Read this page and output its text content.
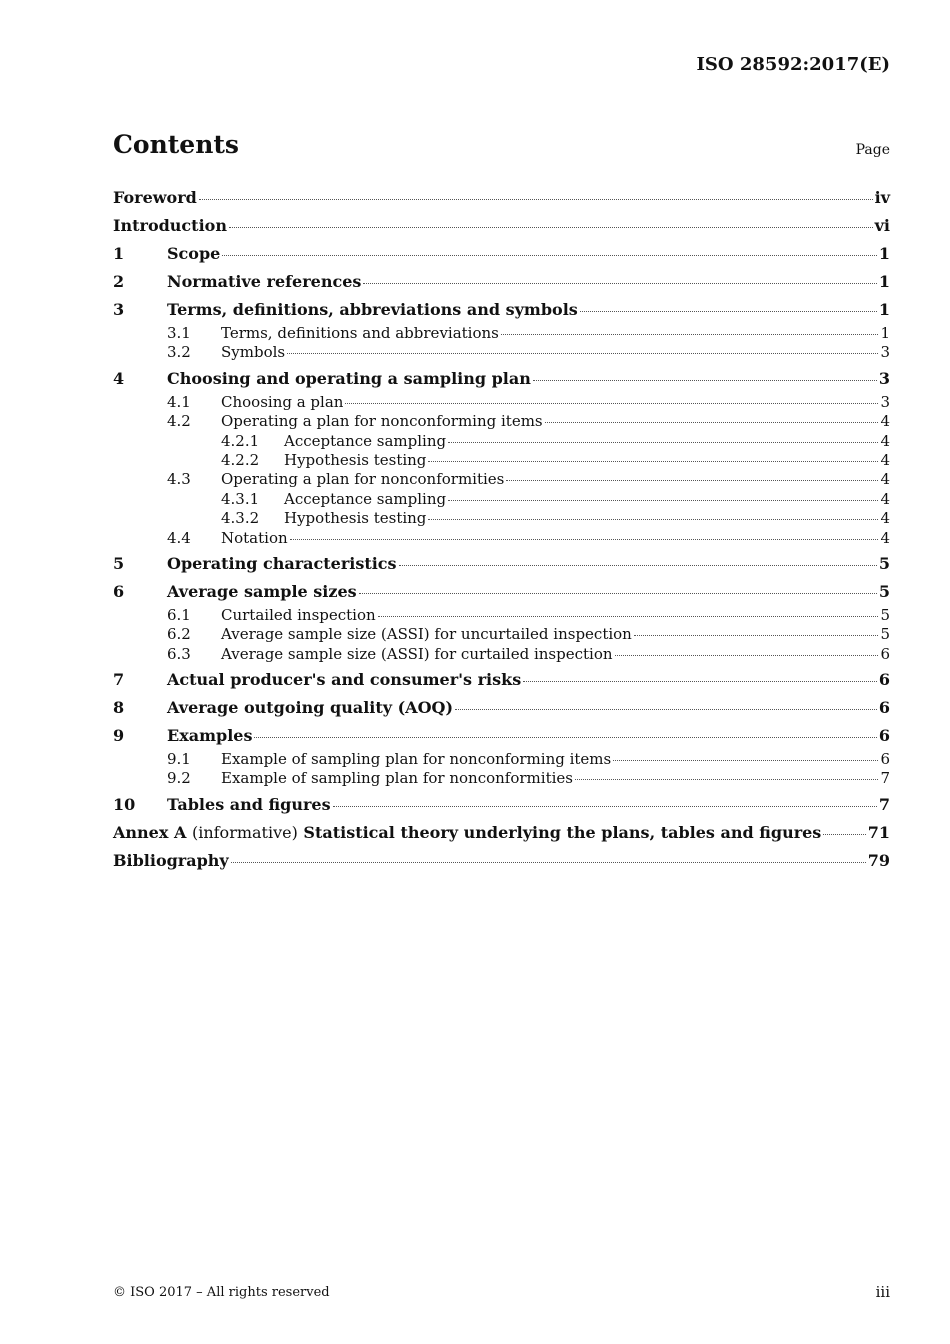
ISO 28592:2017(E)
Contents	Page
Foreword	iv
Introduction	vi
1	Scope	1
2	Normative references	1
3	Terms, definitions, abbreviations and symbols	1
3.1	Terms, definitions and abbreviations	1
3.2	Symbols	3
4	Choosing and operating a sampling plan	3
4.1	Choosing a plan	3
4.2	Operating a plan for nonconforming items	4
4.2.1	Acceptance sampling	4
4.2.2	Hypothesis testing	4
4.3	Operating a plan for nonconformities	4
4.3.1	Acceptance sampling	4
4.3.2	Hypothesis testing	4
4.4	Notation	4
5	Operating characteristics	5
6	Average sample sizes	5
6.1	Curtailed inspection	5
6.2	Average sample size (ASSI) for uncurtailed inspection	5
6.3	Average sample size (ASSI) for curtailed inspection	6
7	Actual producer's and consumer's risks	6
8	Average outgoing quality (AOQ)	6
9	Examples	6
9.1	Example of sampling plan for nonconforming items	6
9.2	Example of sampling plan for nonconformities	7
10	Tables and figures	7
Annex A (informative) Statistical theory underlying the plans, tables and figures	71
Bibliography	79
© ISO 2017 – All rights reserved	iii
